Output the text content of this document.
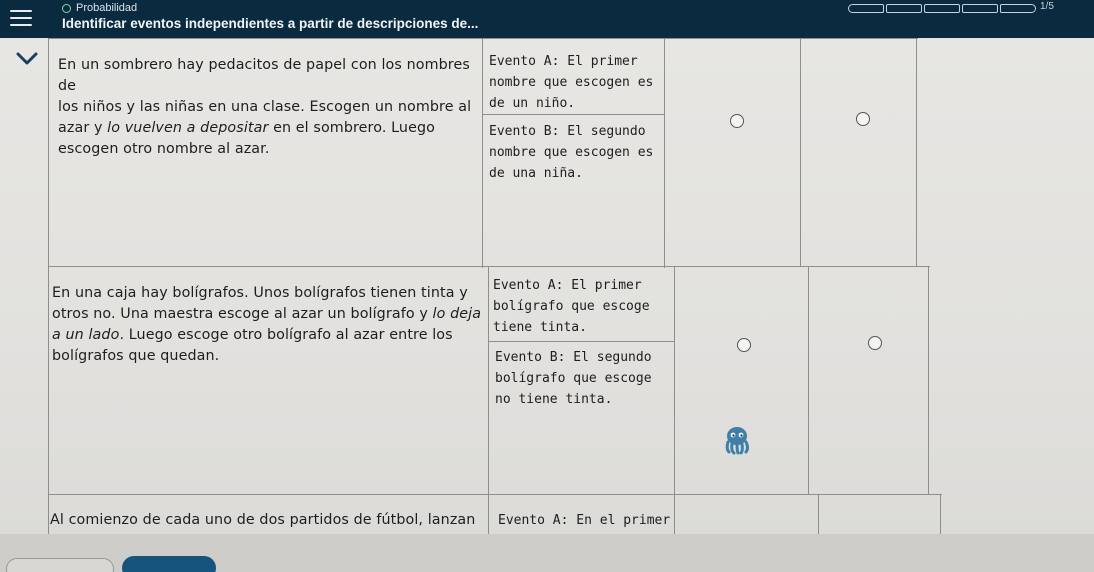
Probabilidad
Identificar eventos independientes a partir de descripciones de...
1/5
En un sombrero hay pedacitos de papel con los nombres de
los niños y las niñas en una clase. Escogen un nombre al
azar y lo vuelven a depositar en el sombrero. Luego
escogen otro nombre al azar.
Evento A: El primer nombre que escogen es de un niño.
Evento B: El segundo nombre que escogen es de una niña.
En una caja hay bolígrafos. Unos bolígrafos tienen tinta y
otros no. Una maestra escoge al azar un bolígrafo y lo deja
a un lado. Luego escoge otro bolígrafo al azar entre los
bolígrafos que quedan.
Evento A: El primer bolígrafo que escoge tiene tinta.
Evento B: El segundo bolígrafo que escoge no tiene tinta.
Al comienzo de cada uno de dos partidos de fútbol, lanzan	Evento A: En el primer
